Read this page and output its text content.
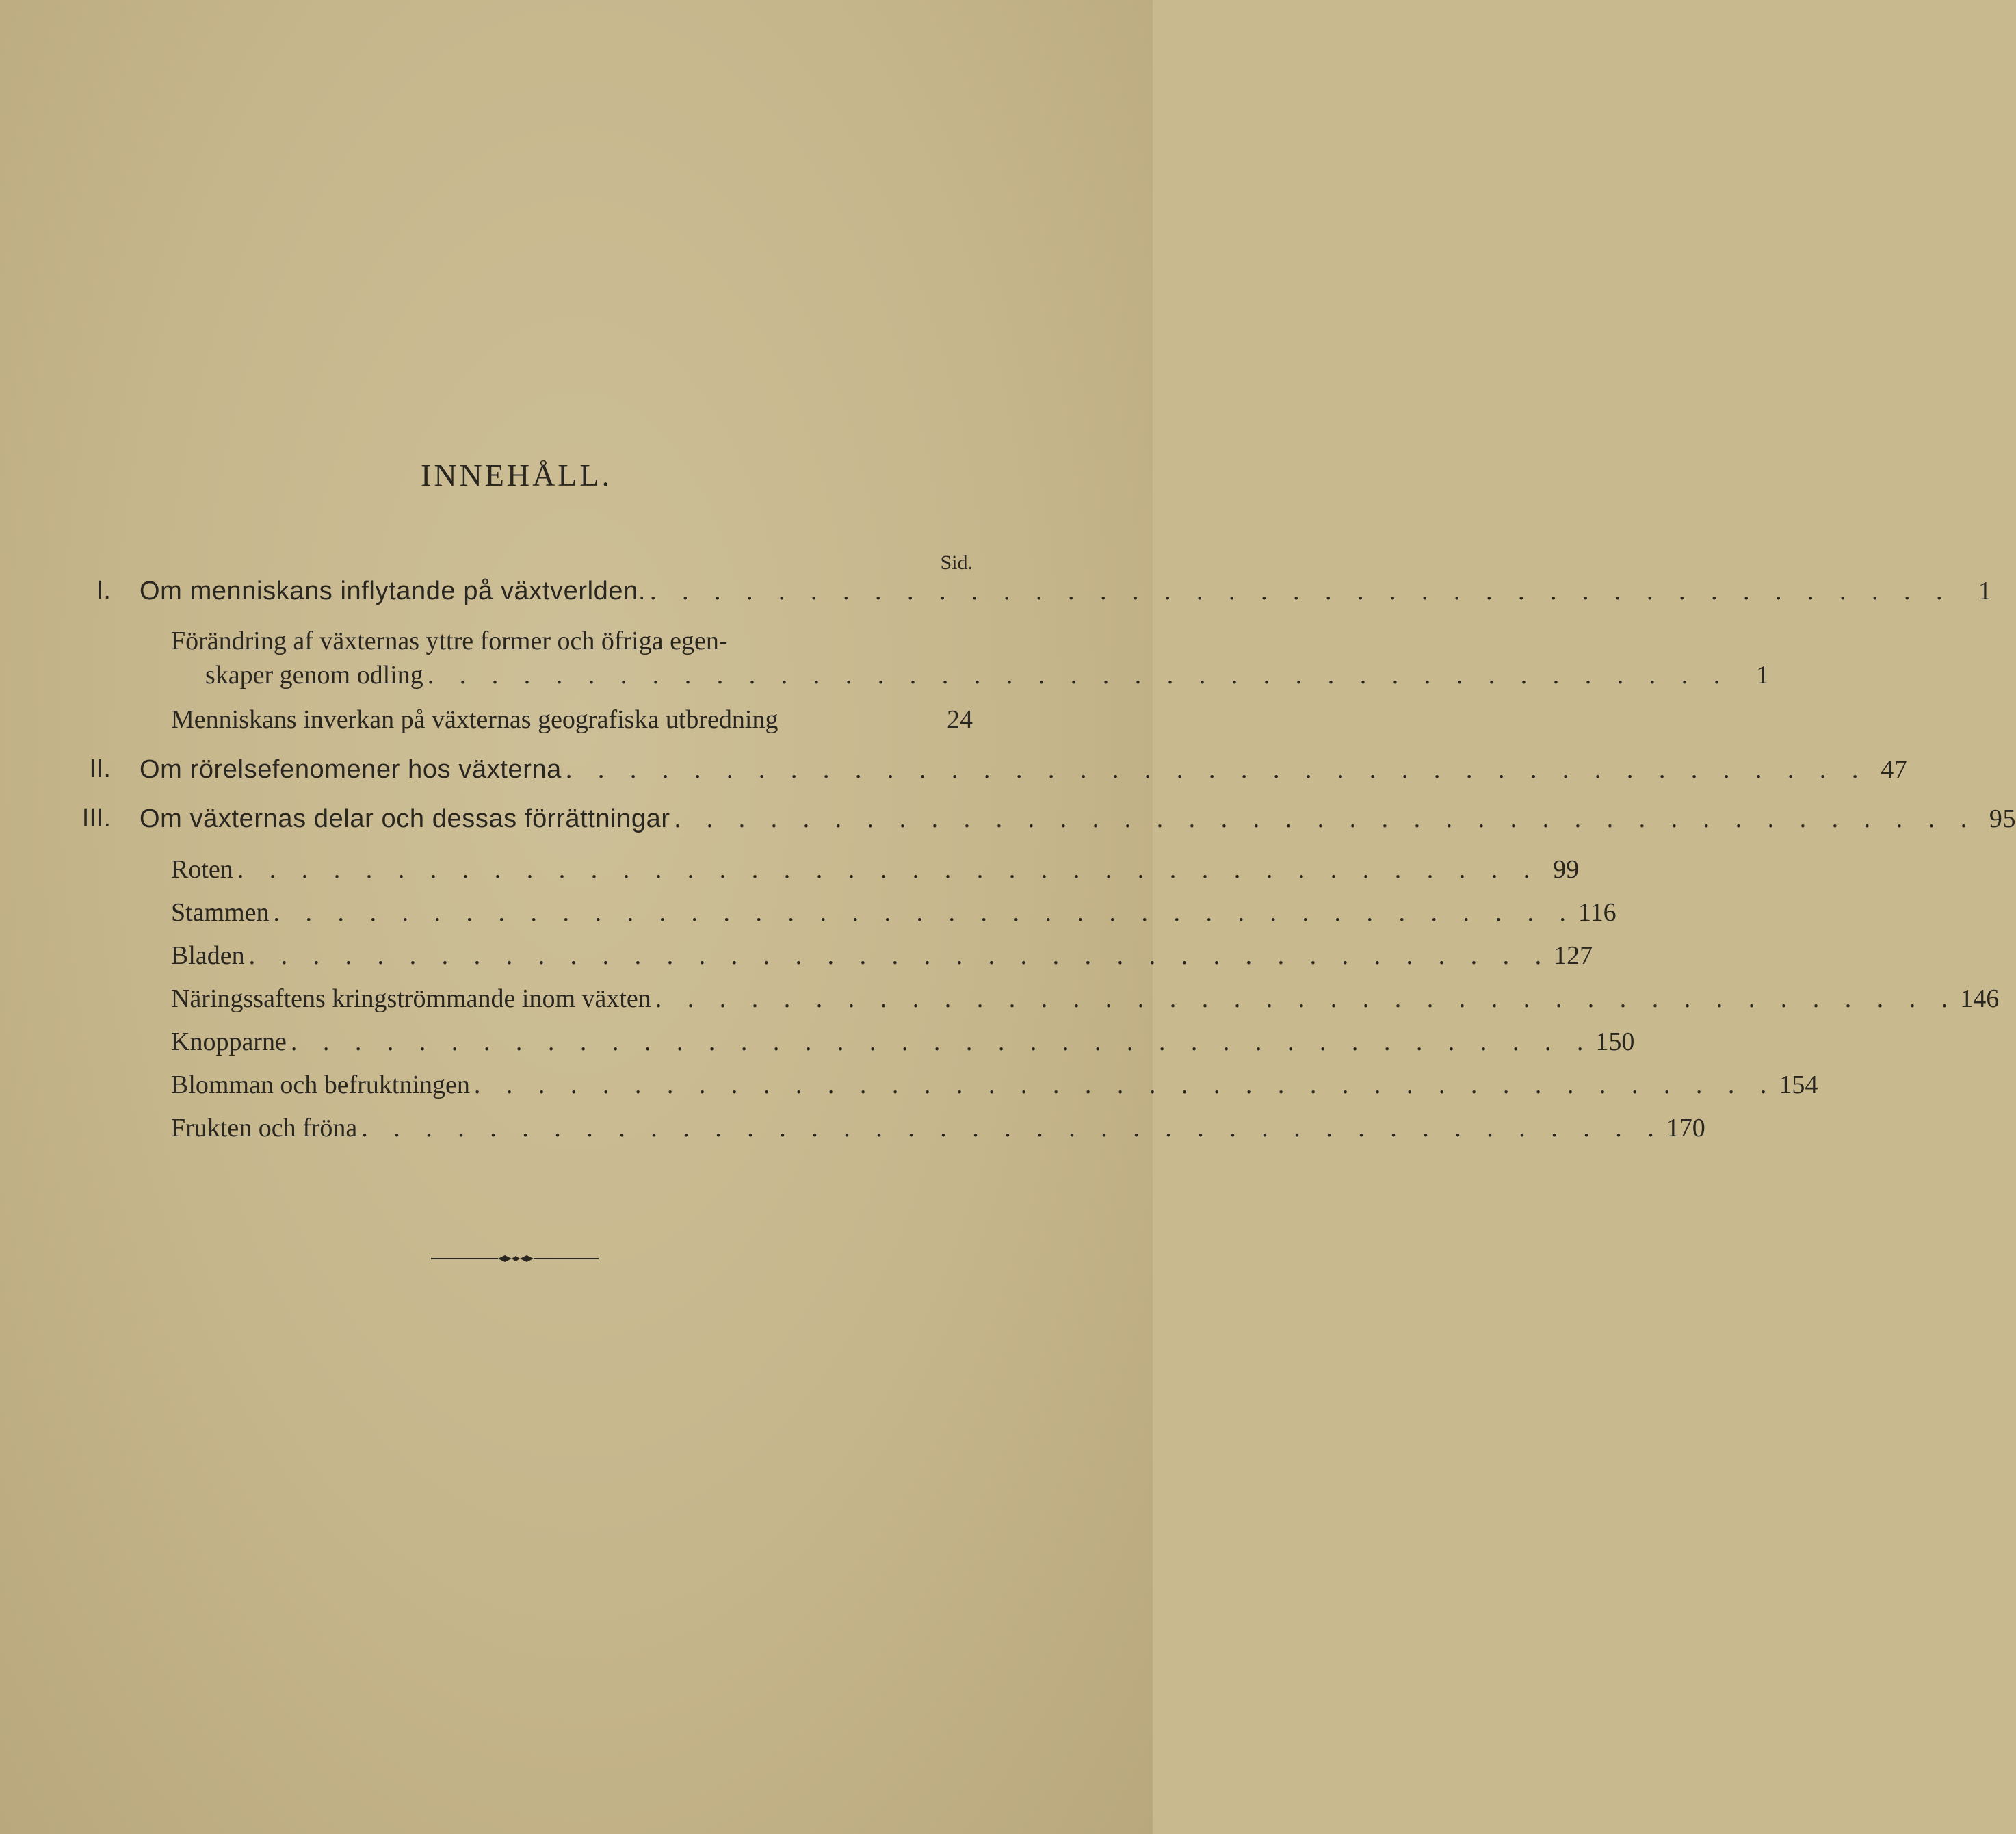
INNEHÅLL.
Sid.
I. Om menniskans inflytande på växtverlden. . . . . . . . . . . . . . . . . . . . . . . . . . . . . . . . . . . . . . . . . .	1
Förändring af växternas yttre former och öfriga egen-
skaper genom odling . . . . . . . . . . . . . . . . . . . . . . . . . . . . . . . . . . . . . . . . .	1
Menniskans inverkan på växternas geografiska utbredning	24
II. Om rörelsefenomener hos växterna . . . . . . . . . . . . . . . . . . . . . . . . . . . . . . . . . . . . . . . . . 47
III. Om växternas delar och dessas förrättningar . . . . . . . . . . . . . . . . . . . . . . . . . . . . . . . . . . . . . . . . . 95
Roten . . . . . . . . . . . . . . . . . . . . . . . . . . . . . . . . . . . . . . . . . 99
Stammen . . . . . . . . . . . . . . . . . . . . . . . . . . . . . . . . . . . . . . . . . 116
Bladen . . . . . . . . . . . . . . . . . . . . . . . . . . . . . . . . . . . . . . . . . 127
Näringssaftens kringströmmande inom växten . . . . . . . . . . . . . . . . . . . . . . . . . . . . . . . . . . . . . . . . . 146
Knopparne . . . . . . . . . . . . . . . . . . . . . . . . . . . . . . . . . . . . . . . . . 150
Blomman och befruktningen . . . . . . . . . . . . . . . . . . . . . . . . . . . . . . . . . . . . . . . . . 154
Frukten och fröna . . . . . . . . . . . . . . . . . . . . . . . . . . . . . . . . . . . . . . . . . 170
